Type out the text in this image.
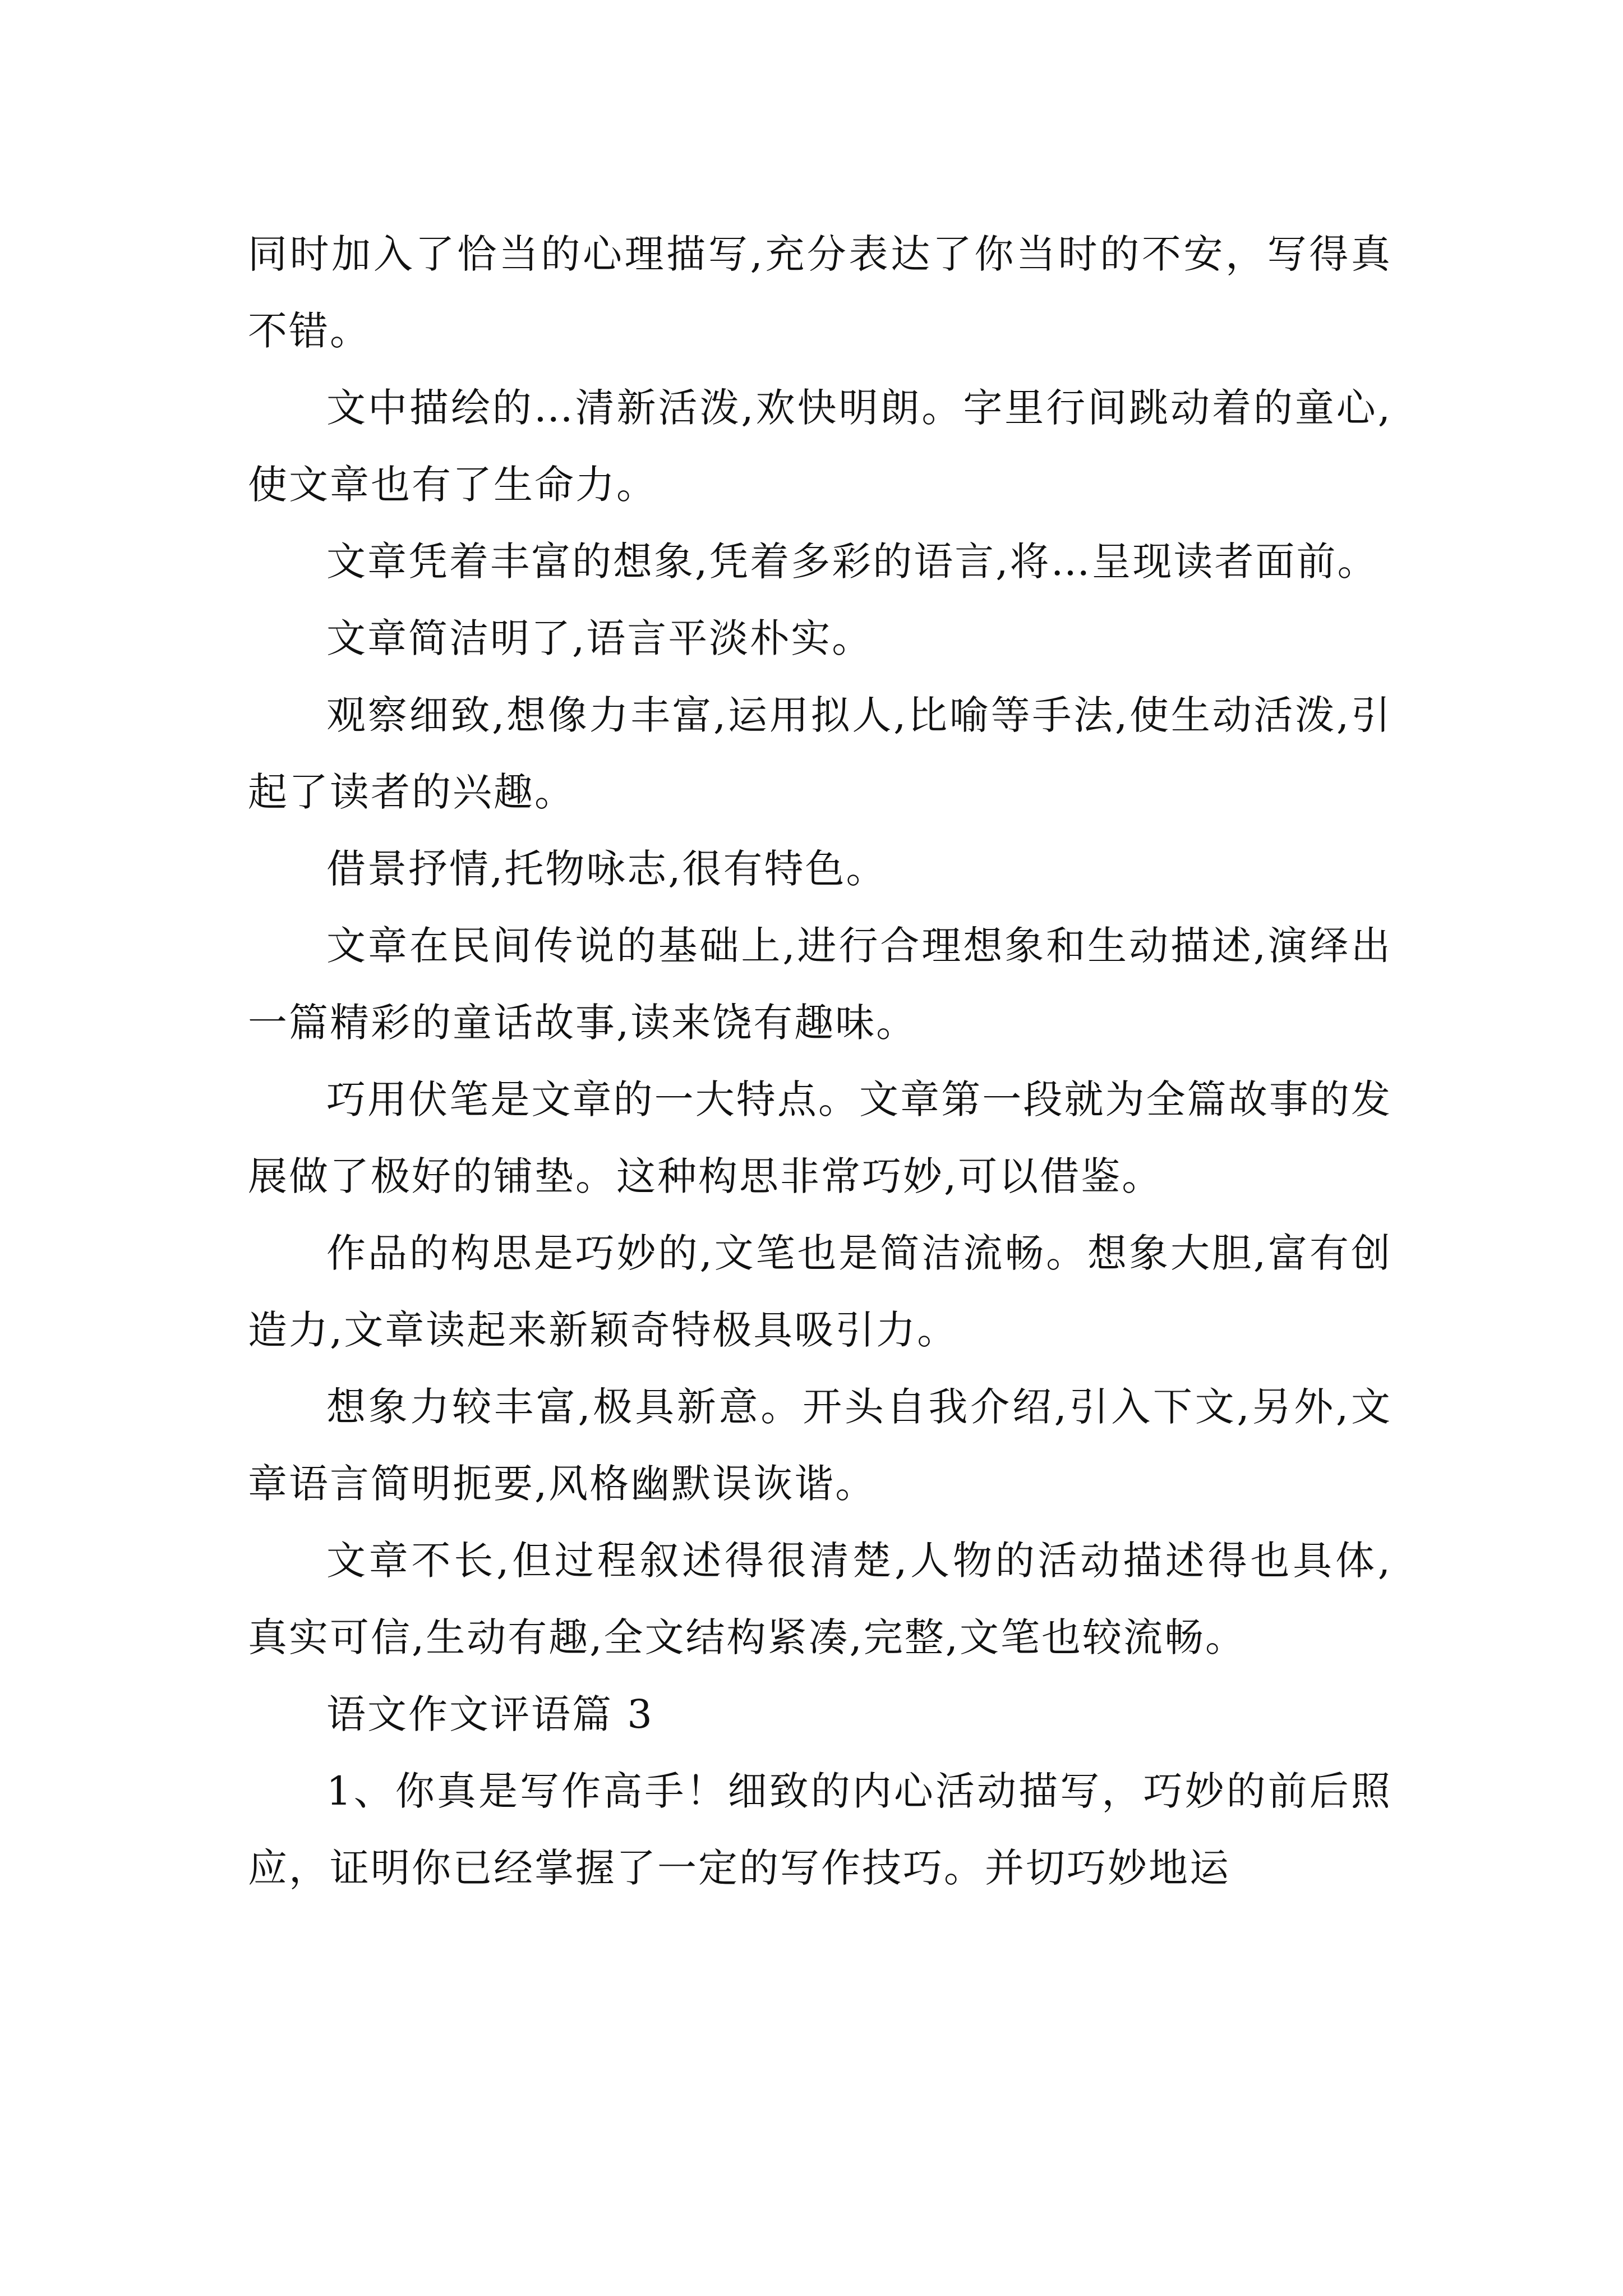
同时加入了恰当的心理描写,充分表达了你当时的不安，写得真不错。

文中描绘的…清新活泼,欢快明朗。字里行间跳动着的童心,使文章也有了生命力。

文章凭着丰富的想象,凭着多彩的语言,将…呈现读者面前。

文章简洁明了,语言平淡朴实。

观察细致,想像力丰富,运用拟人,比喻等手法,使生动活泼,引起了读者的兴趣。

借景抒情,托物咏志,很有特色。

文章在民间传说的基础上,进行合理想象和生动描述,演绎出一篇精彩的童话故事,读来饶有趣味。

巧用伏笔是文章的一大特点。文章第一段就为全篇故事的发展做了极好的铺垫。这种构思非常巧妙,可以借鉴。

作品的构思是巧妙的,文笔也是简洁流畅。想象大胆,富有创造力,文章读起来新颖奇特极具吸引力。

想象力较丰富,极具新意。开头自我介绍,引入下文,另外,文章语言简明扼要,风格幽默误诙谐。

文章不长,但过程叙述得很清楚,人物的活动描述得也具体,真实可信,生动有趣,全文结构紧凑,完整,文笔也较流畅。

语文作文评语篇 3

1、你真是写作高手！细致的内心活动描写，巧妙的前后照应，证明你已经掌握了一定的写作技巧。并切巧妙地运
